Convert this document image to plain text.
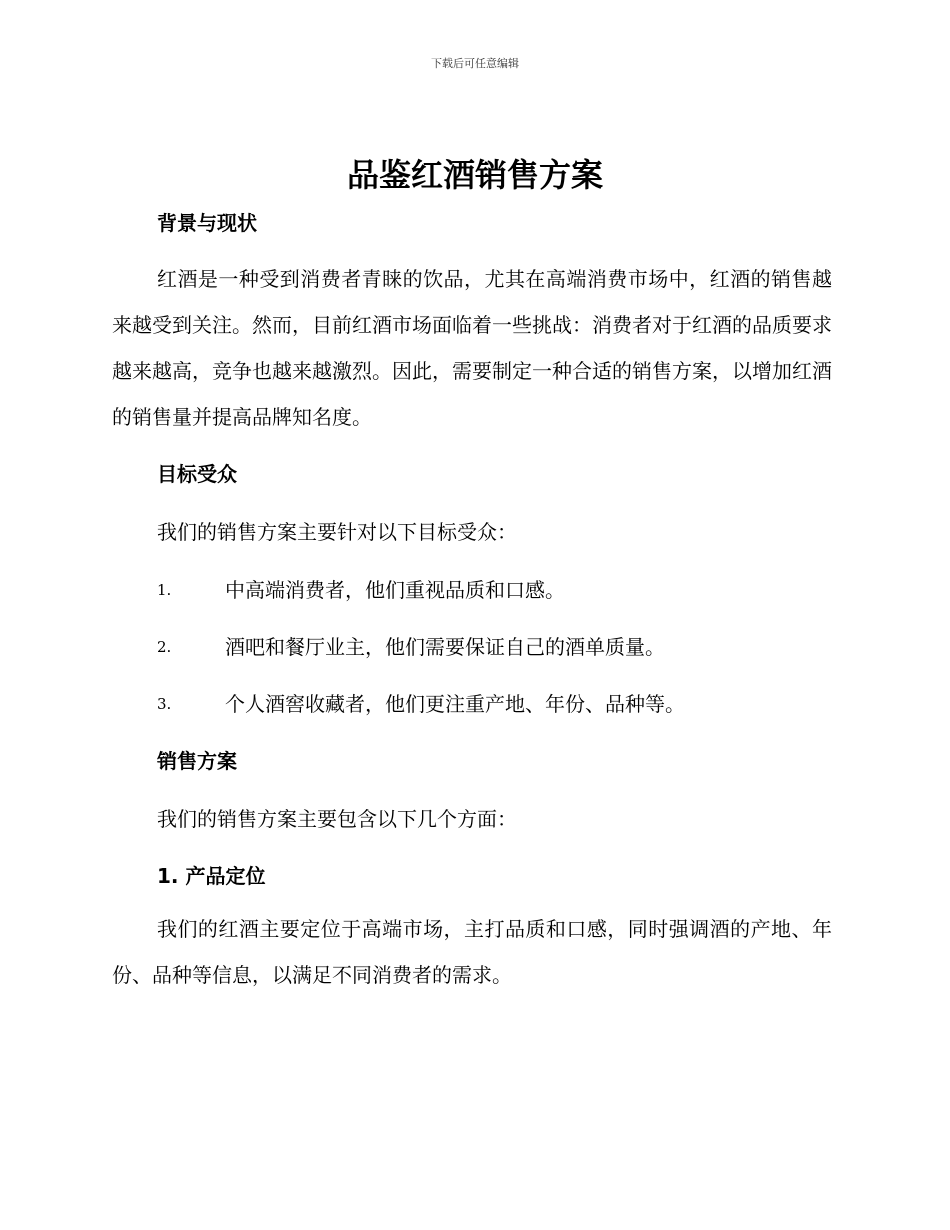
下载后可任意编辑
品鉴红酒销售方案
背景与现状

红酒是一种受到消费者青睐的饮品，尤其在高端消费市场中，红酒的销售越来越受到关注。然而，目前红酒市场面临着一些挑战：消费者对于红酒的品质要求越来越高，竞争也越来越激烈。因此，需要制定一种合适的销售方案，以增加红酒的销售量并提高品牌知名度。

目标受众

我们的销售方案主要针对以下目标受众：

1.	中高端消费者，他们重视品质和口感。
2.	酒吧和餐厅业主，他们需要保证自己的酒单质量。
3.	个人酒窖收藏者，他们更注重产地、年份、品种等。
销售方案

我们的销售方案主要包含以下几个方面：

1. 产品定位

我们的红酒主要定位于高端市场，主打品质和口感，同时强调酒的产地、年份、品种等信息，以满足不同消费者的需求。
